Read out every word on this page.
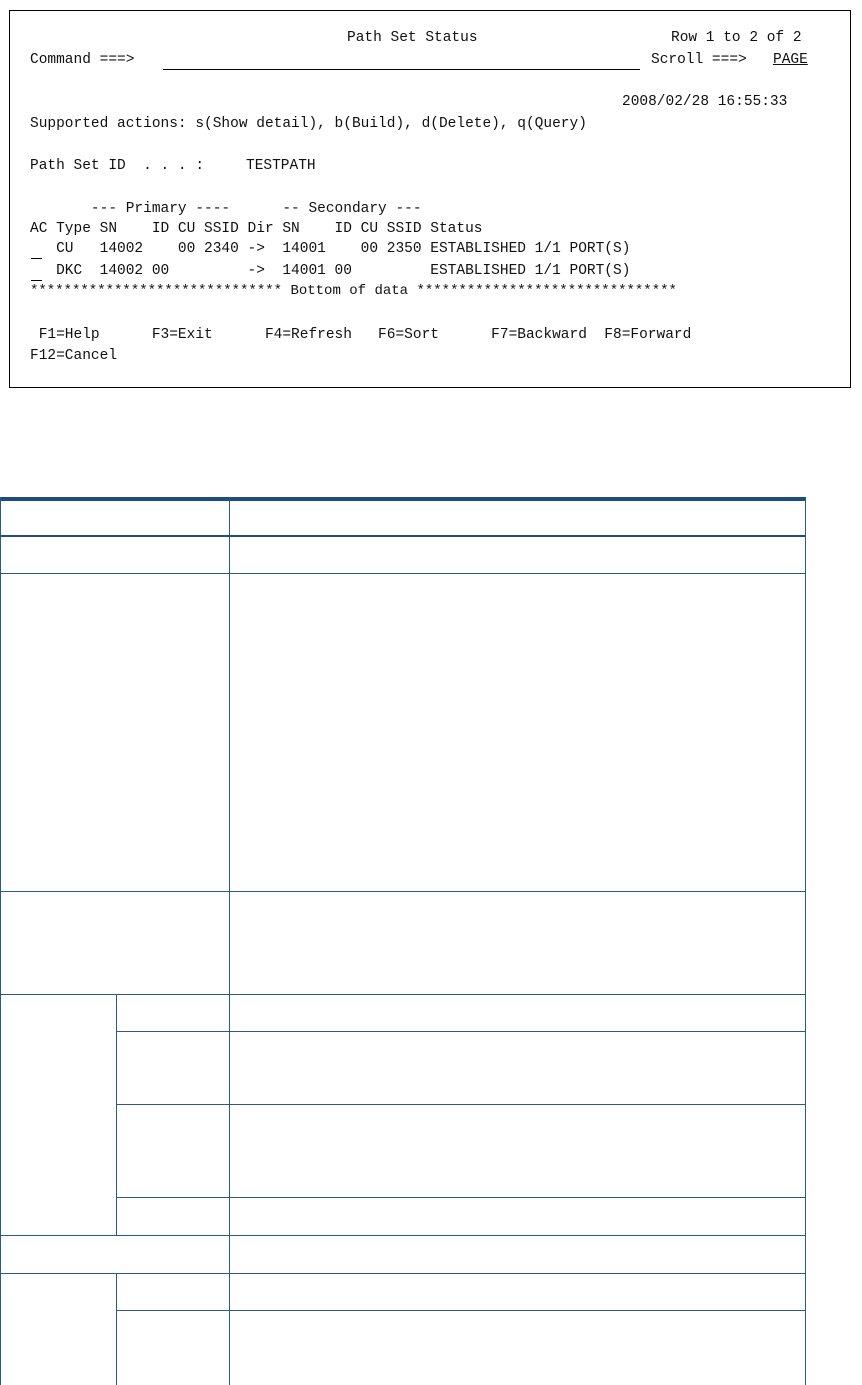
Path Set Status	Row 1 to 2 of 2
Command ===>	Scroll ===> PAGE
2008/02/28 16:55:33
Supported actions: s(Show detail), b(Build), d(Delete), q(Query)
Path Set ID  . . . :	TESTPATH
--- Primary ----      -- Secondary ---
AC Type SN    ID CU SSID Dir SN    ID CU SSID Status
CU   14002    00 2340 ->  14001    00 2350 ESTABLISHED 1/1 PORT(S)
DKC  14002 00         ->  14001 00         ESTABLISHED 1/1 PORT(S)
****************************** Bottom of data *******************************
F1=Help      F3=Exit      F4=Refresh   F6=Sort      F7=Backward  F8=Forward
F12=Cancel
